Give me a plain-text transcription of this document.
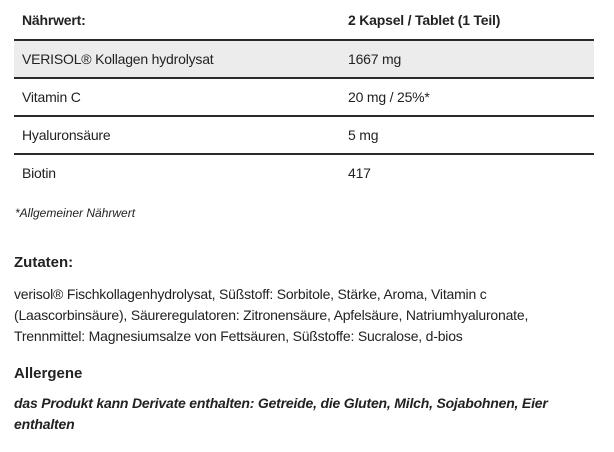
Nährwert:	2 Kapsel / Tablet (1 Teil)
VERISOL® Kollagen hydrolysat	1667 mg
Vitamin C	20 mg / 25%*
Hyaluronsäure	5 mg
Biotin	417
*Allgemeiner Nährwert
Zutaten:
verisol® Fischkollagenhydrolysat, Süßstoff: Sorbitole, Stärke, Aroma, Vitamin c (Laascorbinsäure), Säureregulatoren: Zitronensäure, Apfelsäure, Natriumhyaluronate, Trennmittel: Magnesiumsalze von Fettsäuren, Süßstoffe: Sucralose, d-bios
Allergene
das Produkt kann Derivate enthalten: Getreide, die Gluten, Milch, Sojabohnen, Eier enthalten
